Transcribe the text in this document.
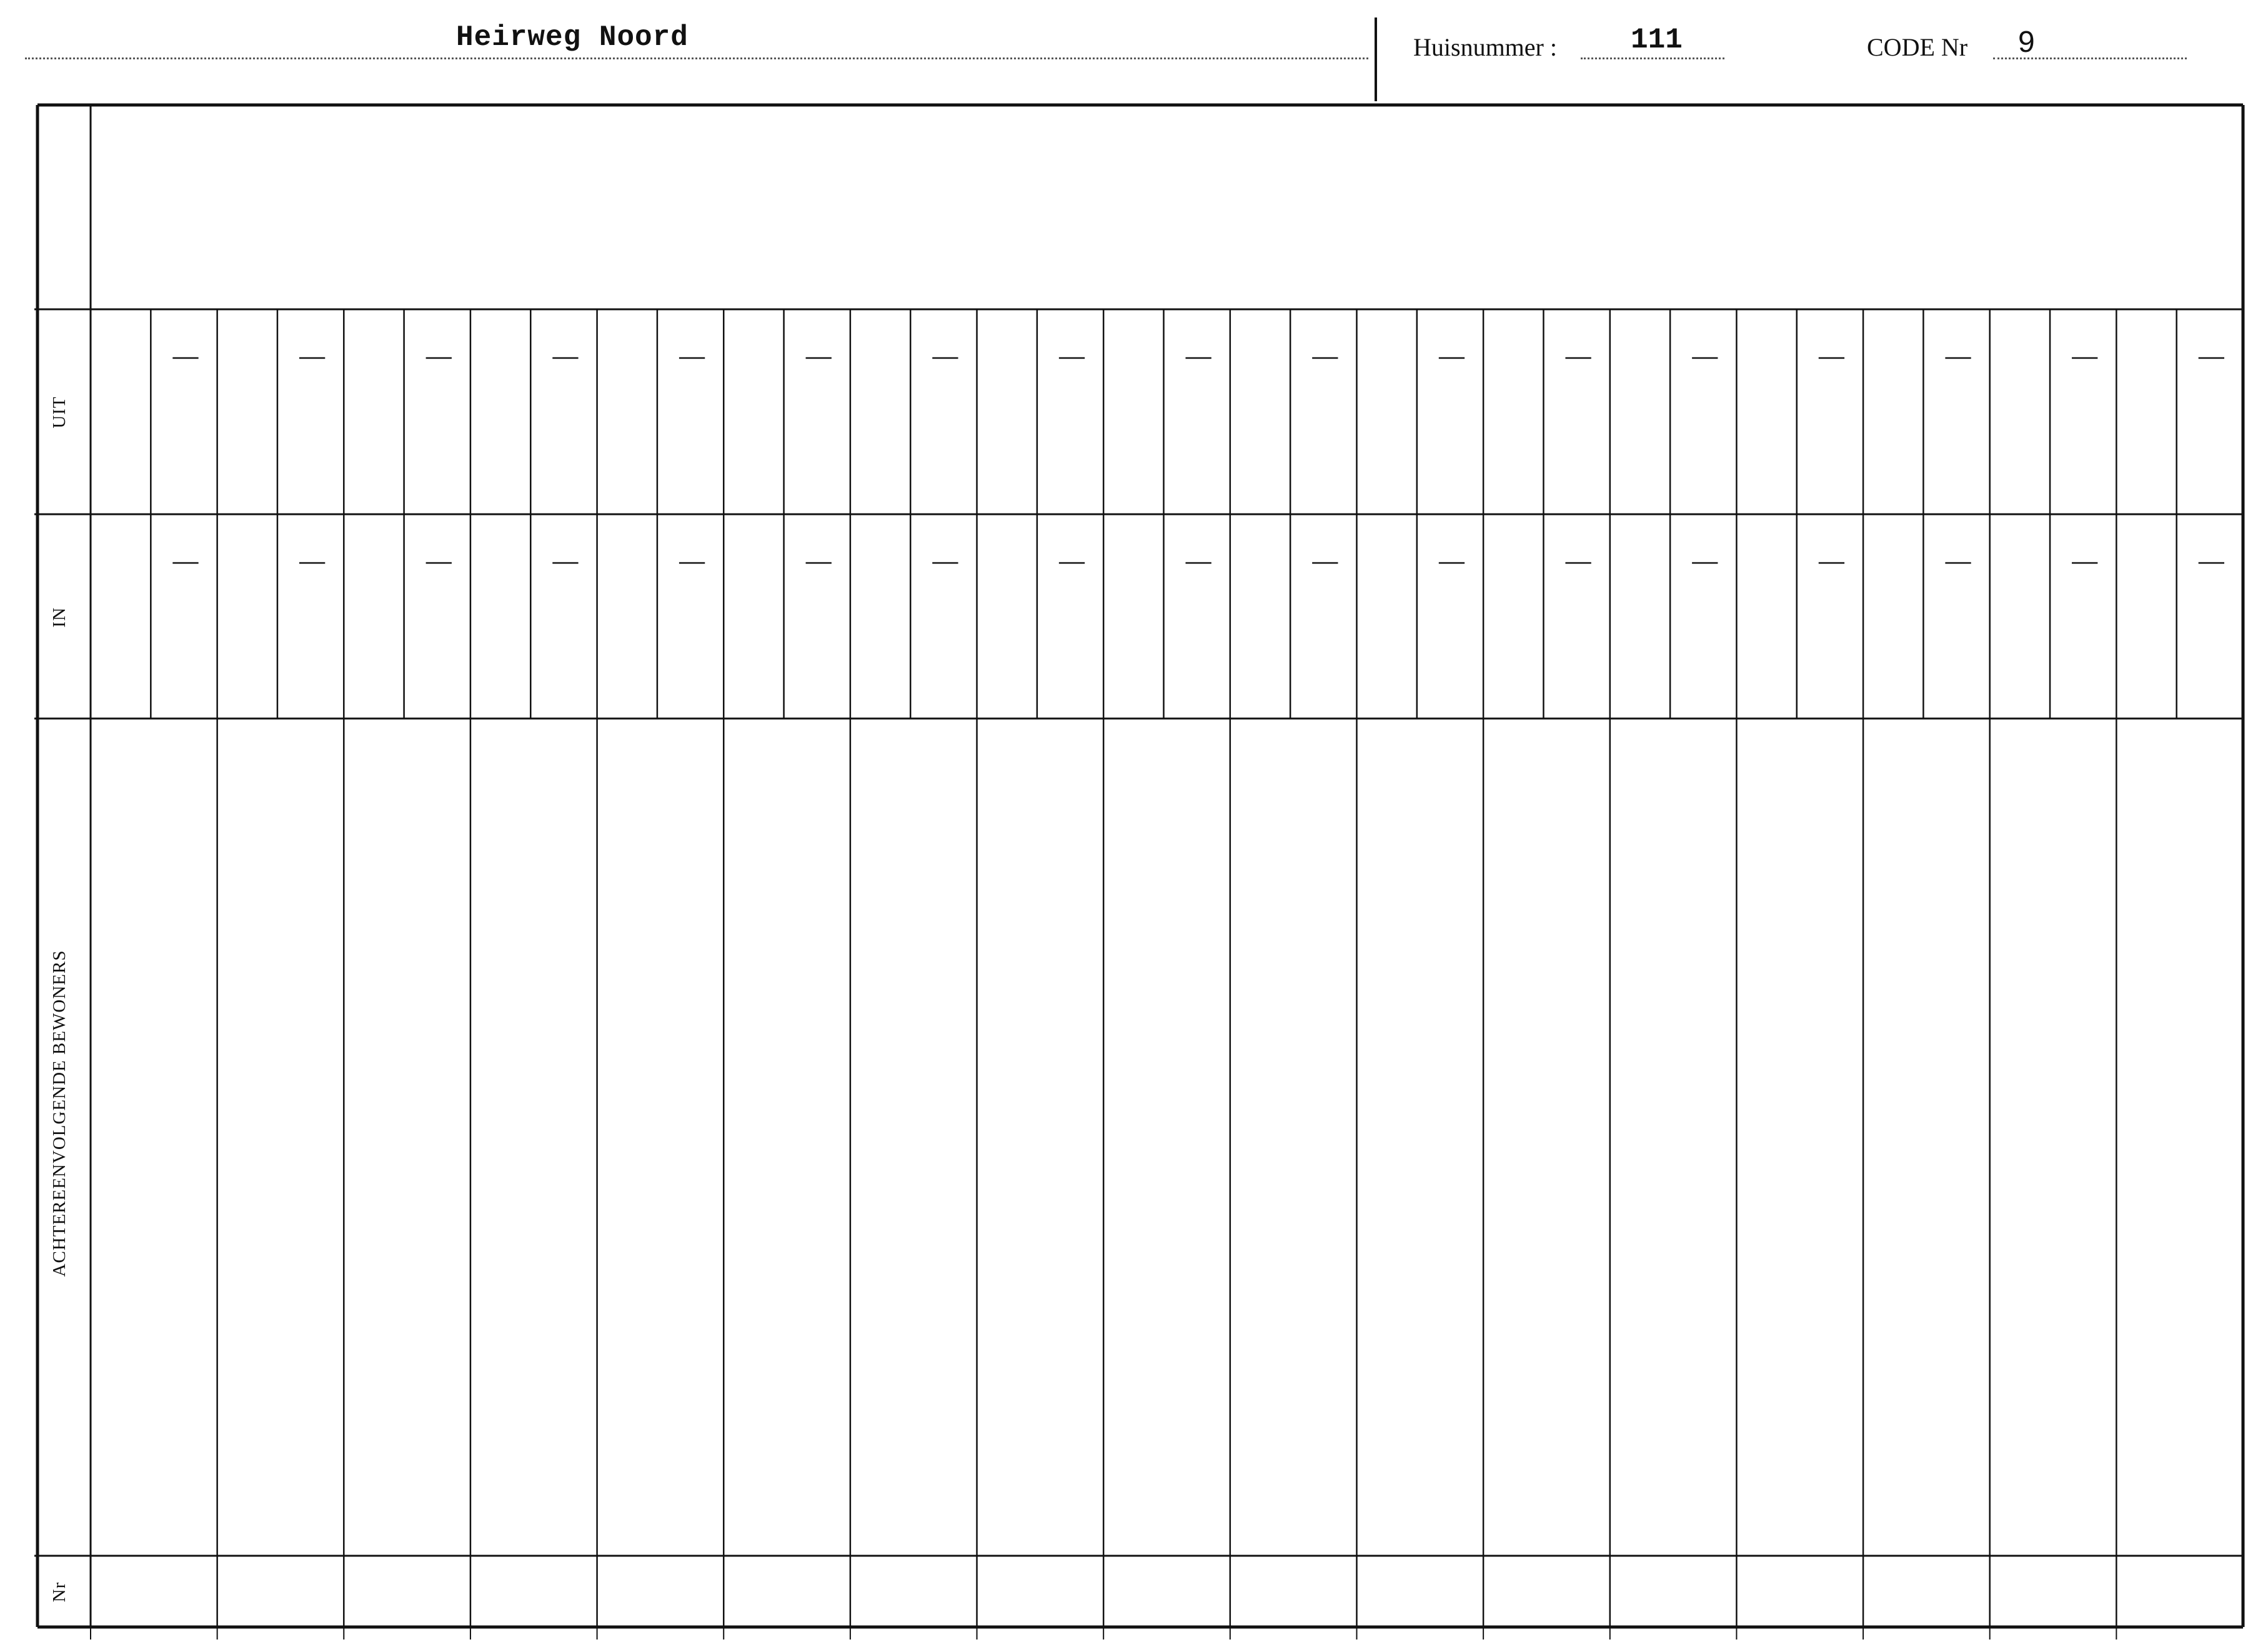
Heirweg Noord	Huisnummer :	111	CODE Nr 9
UIT
IN
ACHTEREENVOLGENDE BEWONERS
Nr
